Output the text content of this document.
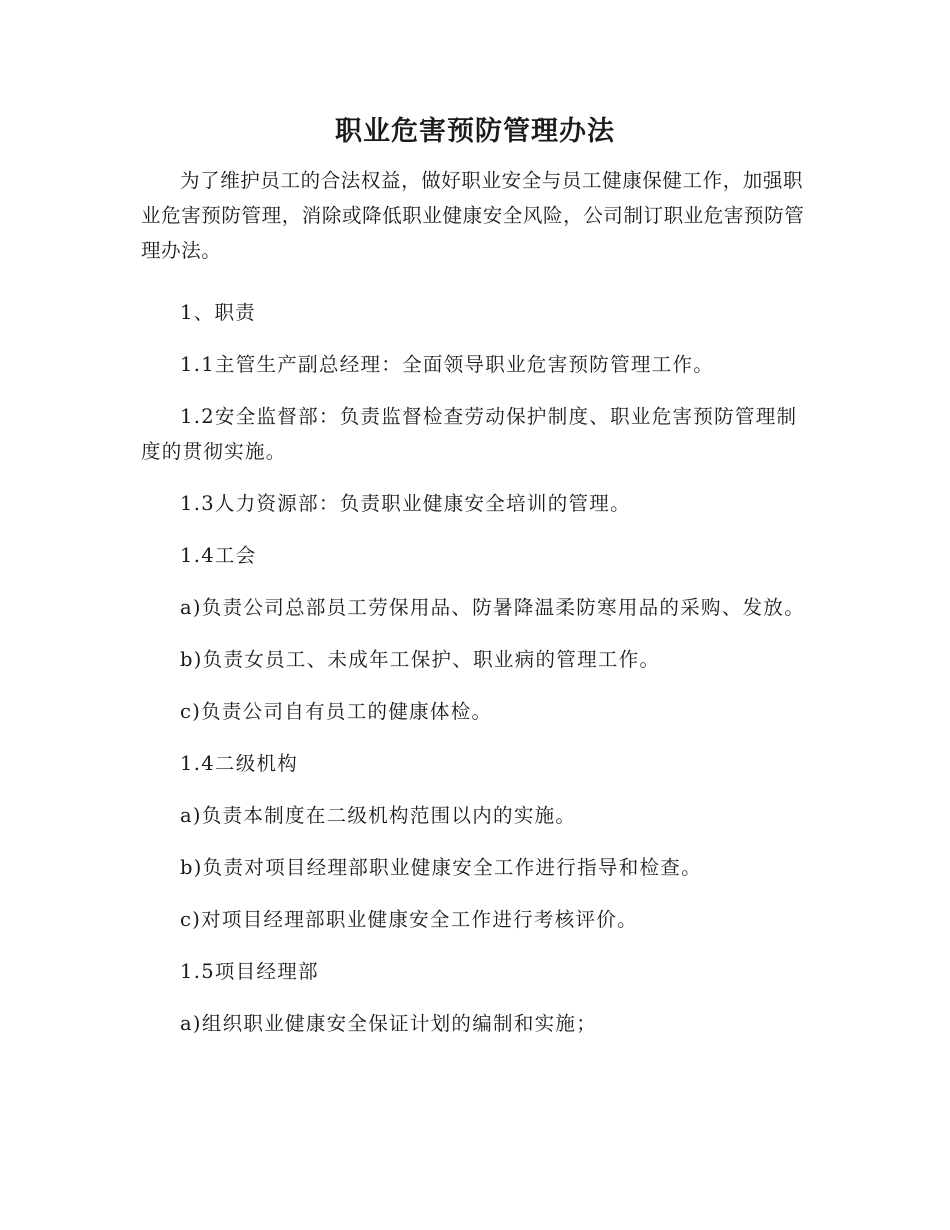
职业危害预防管理办法

为了维护员工的合法权益，做好职业安全与员工健康保健工作，加强职业危害预防管理，消除或降低职业健康安全风险，公司制订职业危害预防管理办法。

1、职责

1.1主管生产副总经理：全面领导职业危害预防管理工作。

1.2安全监督部：负责监督检查劳动保护制度、职业危害预防管理制度的贯彻实施。

1.3人力资源部：负责职业健康安全培训的管理。

1.4工会

a)负责公司总部员工劳保用品、防暑降温柔防寒用品的采购、发放。

b)负责女员工、未成年工保护、职业病的管理工作。

c)负责公司自有员工的健康体检。

1.4二级机构

a)负责本制度在二级机构范围以内的实施。

b)负责对项目经理部职业健康安全工作进行指导和检查。

c)对项目经理部职业健康安全工作进行考核评价。

1.5项目经理部

a)组织职业健康安全保证计划的编制和实施；
